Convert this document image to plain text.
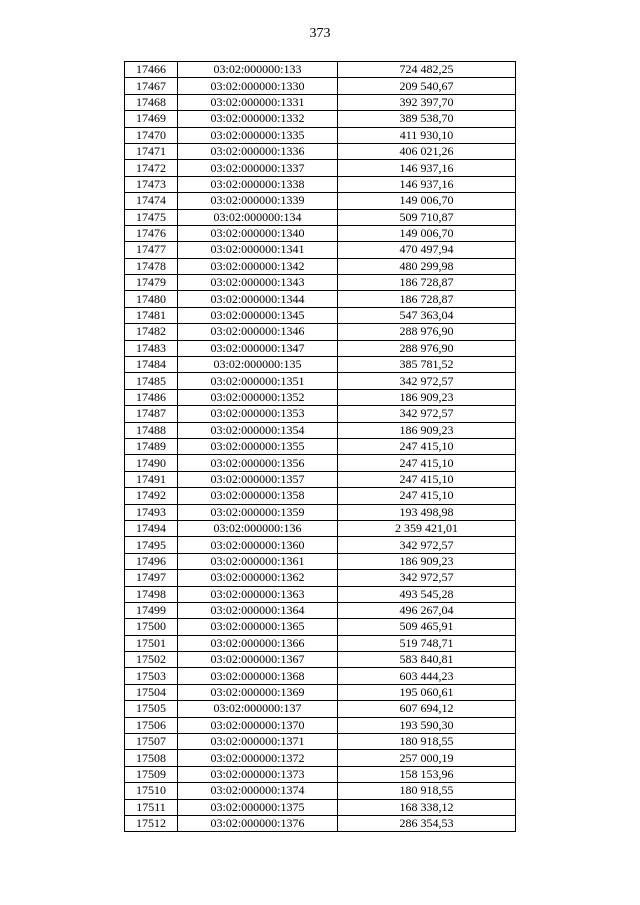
373
17466	03:02:000000:133	724 482,25
17467	03:02:000000:1330	209 540,67
17468	03:02:000000:1331	392 397,70
17469	03:02:000000:1332	389 538,70
17470	03:02:000000:1335	411 930,10
17471	03:02:000000:1336	406 021,26
17472	03:02:000000:1337	146 937,16
17473	03:02:000000:1338	146 937,16
17474	03:02:000000:1339	149 006,70
17475	03:02:000000:134	509 710,87
17476	03:02:000000:1340	149 006,70
17477	03:02:000000:1341	470 497,94
17478	03:02:000000:1342	480 299,98
17479	03:02:000000:1343	186 728,87
17480	03:02:000000:1344	186 728,87
17481	03:02:000000:1345	547 363,04
17482	03:02:000000:1346	288 976,90
17483	03:02:000000:1347	288 976,90
17484	03:02:000000:135	385 781,52
17485	03:02:000000:1351	342 972,57
17486	03:02:000000:1352	186 909,23
17487	03:02:000000:1353	342 972,57
17488	03:02:000000:1354	186 909,23
17489	03:02:000000:1355	247 415,10
17490	03:02:000000:1356	247 415,10
17491	03:02:000000:1357	247 415,10
17492	03:02:000000:1358	247 415,10
17493	03:02:000000:1359	193 498,98
17494	03:02:000000:136	2 359 421,01
17495	03:02:000000:1360	342 972,57
17496	03:02:000000:1361	186 909,23
17497	03:02:000000:1362	342 972,57
17498	03:02:000000:1363	493 545,28
17499	03:02:000000:1364	496 267,04
17500	03:02:000000:1365	509 465,91
17501	03:02:000000:1366	519 748,71
17502	03:02:000000:1367	583 840,81
17503	03:02:000000:1368	603 444,23
17504	03:02:000000:1369	195 060,61
17505	03:02:000000:137	607 694,12
17506	03:02:000000:1370	193 590,30
17507	03:02:000000:1371	180 918,55
17508	03:02:000000:1372	257 000,19
17509	03:02:000000:1373	158 153,96
17510	03:02:000000:1374	180 918,55
17511	03:02:000000:1375	168 338,12
17512	03:02:000000:1376	286 354,53
